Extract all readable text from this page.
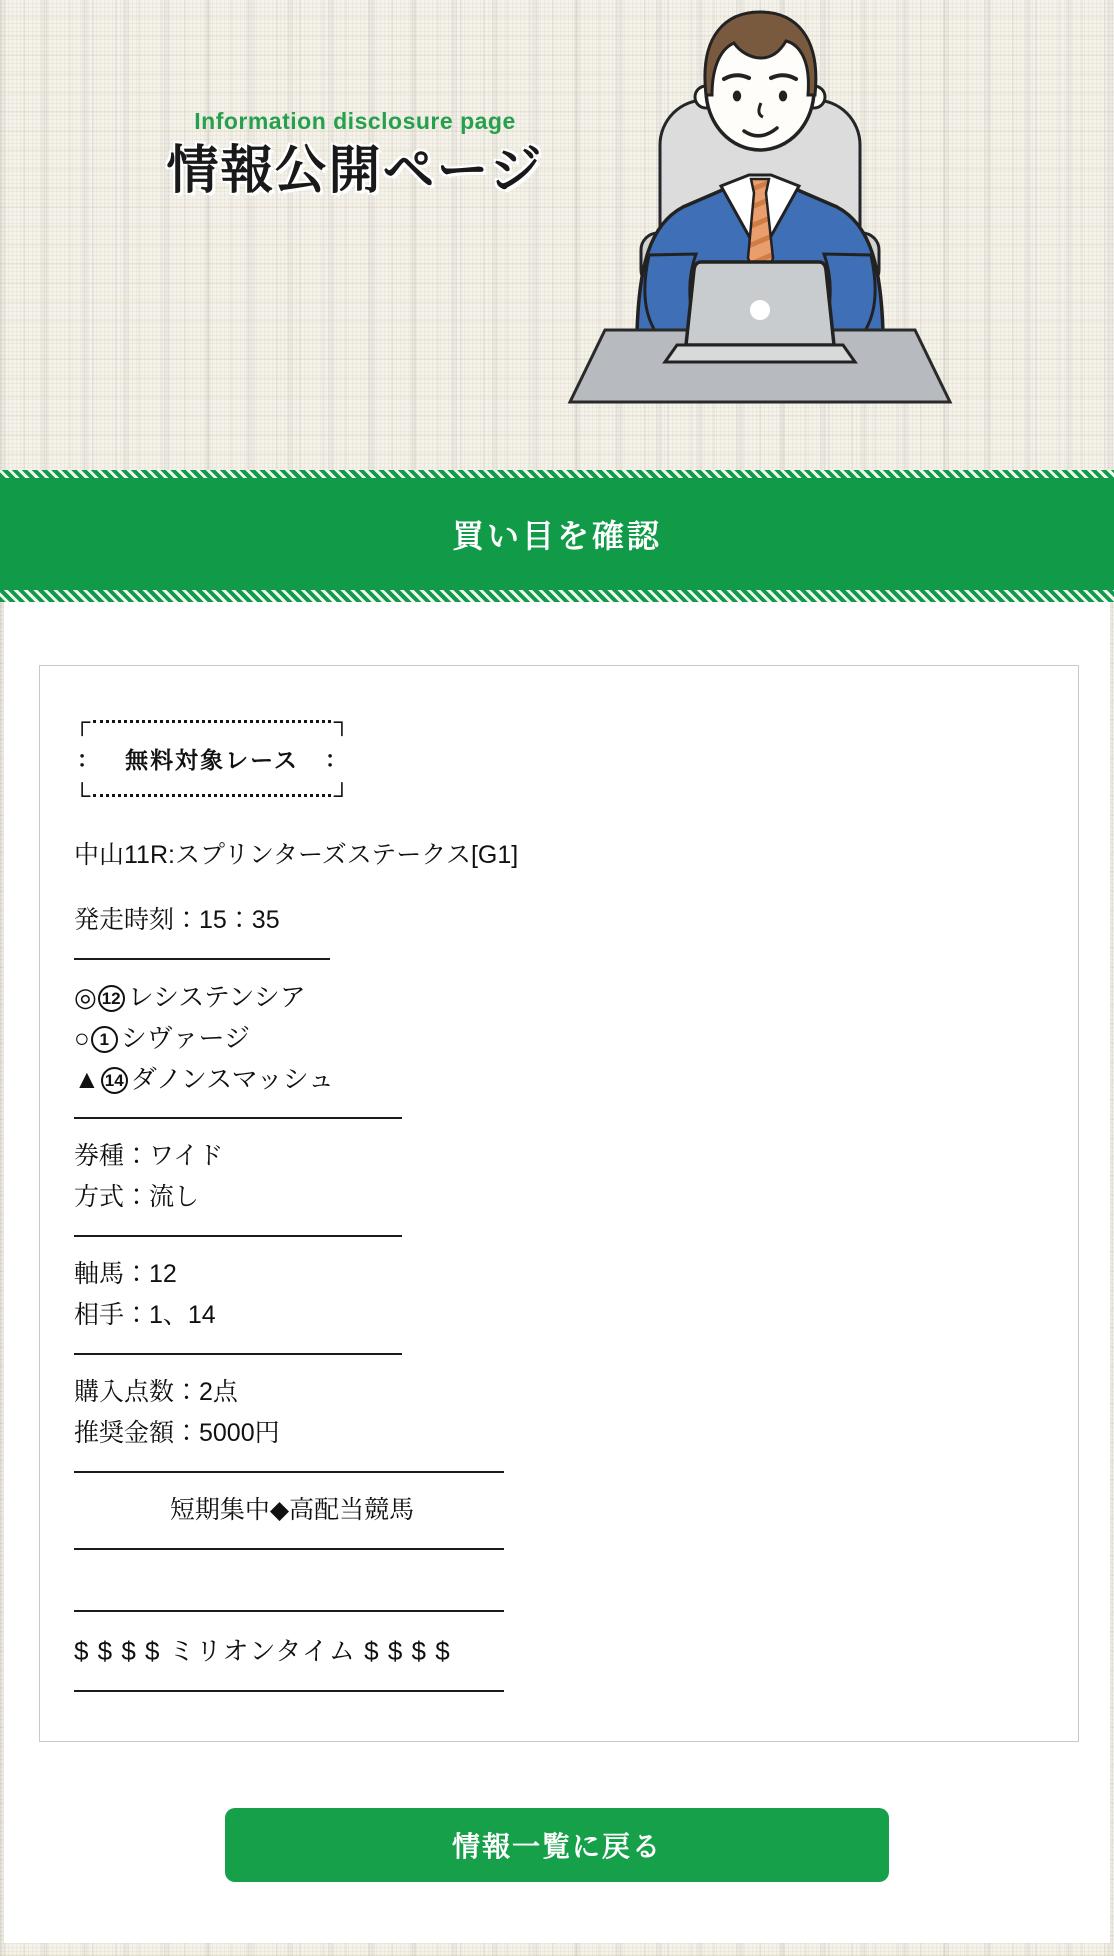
Information disclosure page
情報公開ページ
買い目を確認
┌	┐
： 無料対象レース ：
└	┘

中山11R:スプリンターズステークス[G1]

発走時刻：15：35

◎ 12 レシステンシア

○ 1 シヴァージ

▲ 14 ダノンスマッシュ

券種：ワイド

方式：流し

軸馬：12

相手：1、14

購入点数：2点

推奨金額：5000円

短期集中◆高配当競馬

$ $ $ $ ミリオンタイム $ $ $ $

情報一覧に戻る
